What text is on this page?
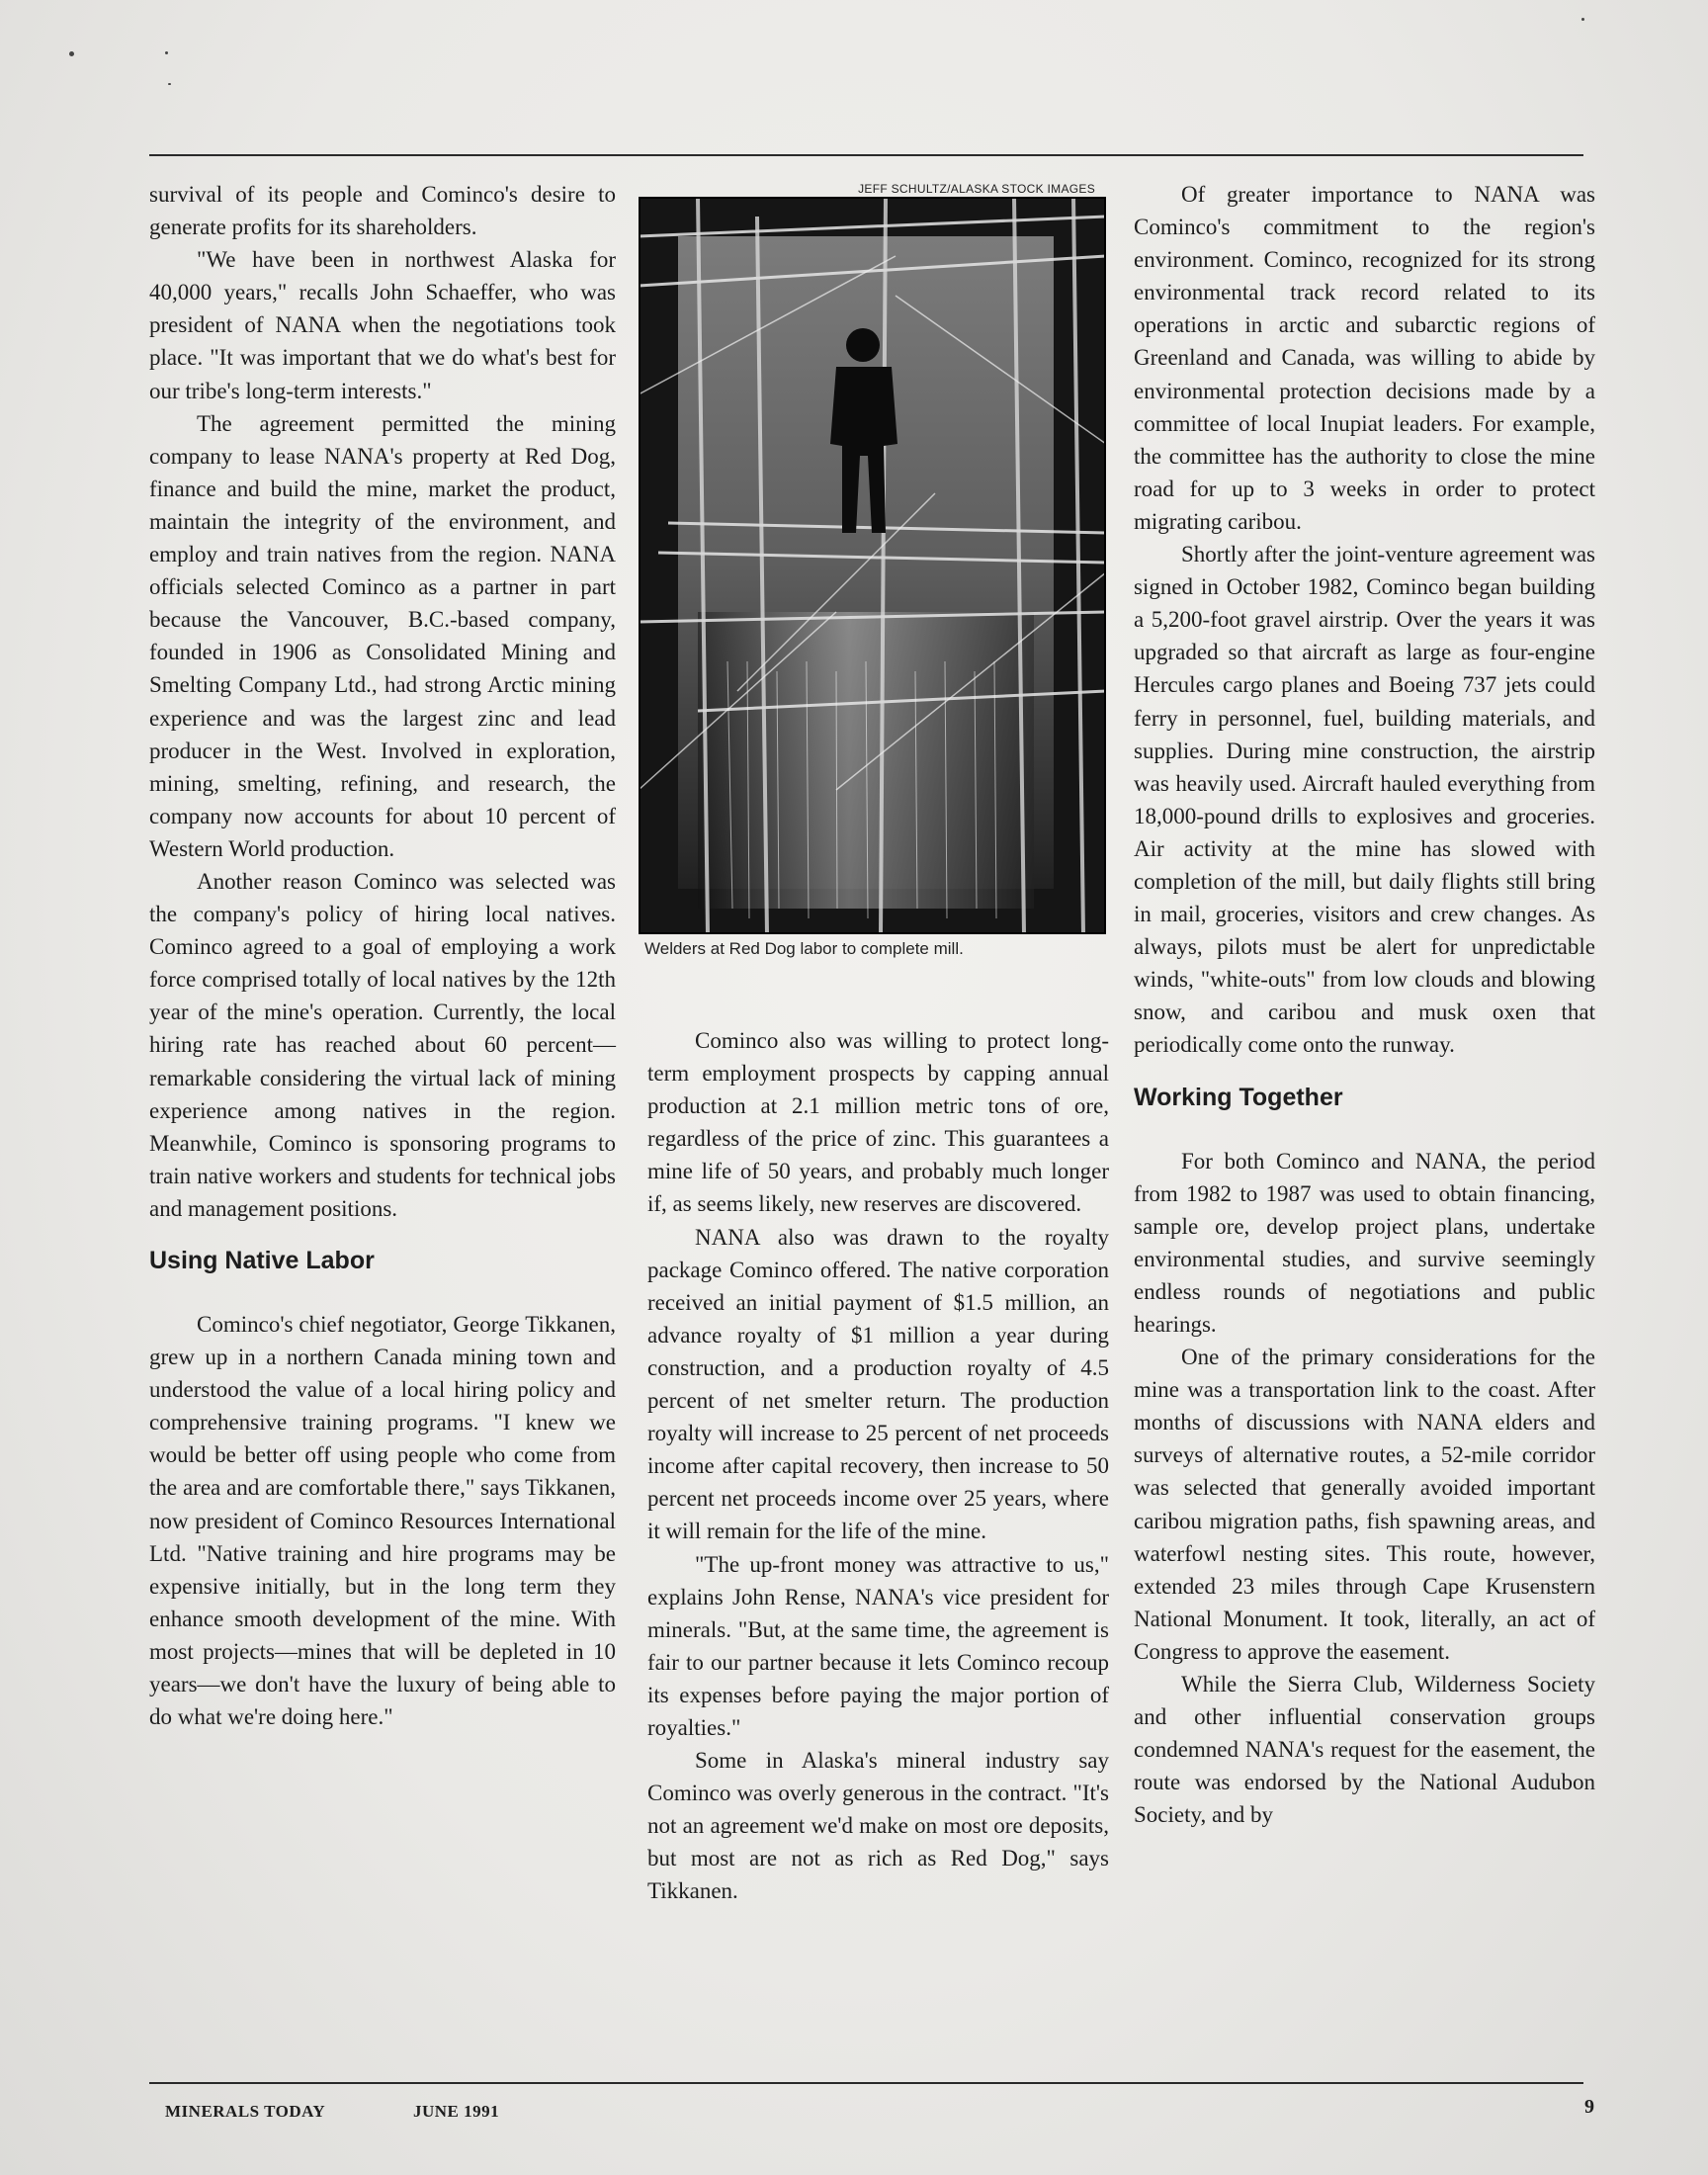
survival of its people and Cominco's desire to generate profits for its shareholders.

"We have been in northwest Alaska for 40,000 years," recalls John Schaeffer, who was president of NANA when the negotiations took place. "It was important that we do what's best for our tribe's long-term interests."

The agreement permitted the mining company to lease NANA's property at Red Dog, finance and build the mine, market the product, maintain the integrity of the environment, and employ and train natives from the region. NANA officials selected Cominco as a partner in part because the Vancouver, B.C.-based company, founded in 1906 as Consolidated Mining and Smelting Company Ltd., had strong Arctic mining experience and was the largest zinc and lead producer in the West. Involved in exploration, mining, smelting, refining, and research, the company now accounts for about 10 percent of Western World production.

Another reason Cominco was selected was the company's policy of hiring local natives. Cominco agreed to a goal of employing a work force comprised totally of local natives by the 12th year of the mine's operation. Currently, the local hiring rate has reached about 60 percent—remarkable considering the virtual lack of mining experience among natives in the region. Meanwhile, Cominco is sponsoring programs to train native workers and students for technical jobs and management positions.

Using Native Labor

Cominco's chief negotiator, George Tikkanen, grew up in a northern Canada mining town and understood the value of a local hiring policy and comprehensive training programs. "I knew we would be better off using people who come from the area and are comfortable there," says Tikkanen, now president of Cominco Resources International Ltd. "Native training and hire programs may be expensive initially, but in the long term they enhance smooth development of the mine. With most projects—mines that will be depleted in 10 years—we don't have the luxury of being able to do what we're doing here."

JEFF SCHULTZ/ALASKA STOCK IMAGES
Welders at Red Dog labor to complete mill.

Cominco also was willing to protect long-term employment prospects by capping annual production at 2.1 million metric tons of ore, regardless of the price of zinc. This guarantees a mine life of 50 years, and probably much longer if, as seems likely, new reserves are discovered.

NANA also was drawn to the royalty package Cominco offered. The native corporation received an initial payment of $1.5 million, an advance royalty of $1 million a year during construction, and a production royalty of 4.5 percent of net smelter return. The production royalty will increase to 25 percent of net proceeds income after capital recovery, then increase to 50 percent net proceeds income over 25 years, where it will remain for the life of the mine.

"The up-front money was attractive to us," explains John Rense, NANA's vice president for minerals. "But, at the same time, the agreement is fair to our partner because it lets Cominco recoup its expenses before paying the major portion of royalties."

Some in Alaska's mineral industry say Cominco was overly generous in the contract. "It's not an agreement we'd make on most ore deposits, but most are not as rich as Red Dog," says Tikkanen.

Of greater importance to NANA was Cominco's commitment to the region's environment. Cominco, recognized for its strong environmental track record related to its operations in arctic and subarctic regions of Greenland and Canada, was willing to abide by environmental protection decisions made by a committee of local Inupiat leaders. For example, the committee has the authority to close the mine road for up to 3 weeks in order to protect migrating caribou.

Shortly after the joint-venture agreement was signed in October 1982, Cominco began building a 5,200-foot gravel airstrip. Over the years it was upgraded so that aircraft as large as four-engine Hercules cargo planes and Boeing 737 jets could ferry in personnel, fuel, building materials, and supplies. During mine construction, the airstrip was heavily used. Aircraft hauled everything from 18,000-pound drills to explosives and groceries. Air activity at the mine has slowed with completion of the mill, but daily flights still bring in mail, groceries, visitors and crew changes. As always, pilots must be alert for unpredictable winds, "white-outs" from low clouds and blowing snow, and caribou and musk oxen that periodically come onto the runway.

Working Together

For both Cominco and NANA, the period from 1982 to 1987 was used to obtain financing, sample ore, develop project plans, undertake environmental studies, and survive seemingly endless rounds of negotiations and public hearings.

One of the primary considerations for the mine was a transportation link to the coast. After months of discussions with NANA elders and surveys of alternative routes, a 52-mile corridor was selected that generally avoided important caribou migration paths, fish spawning areas, and waterfowl nesting sites. This route, however, extended 23 miles through Cape Krusenstern National Monument. It took, literally, an act of Congress to approve the easement.

While the Sierra Club, Wilderness Society and other influential conservation groups condemned NANA's request for the easement, the route was endorsed by the National Audubon Society, and by

MINERALS TODAY	JUNE 1991	9
